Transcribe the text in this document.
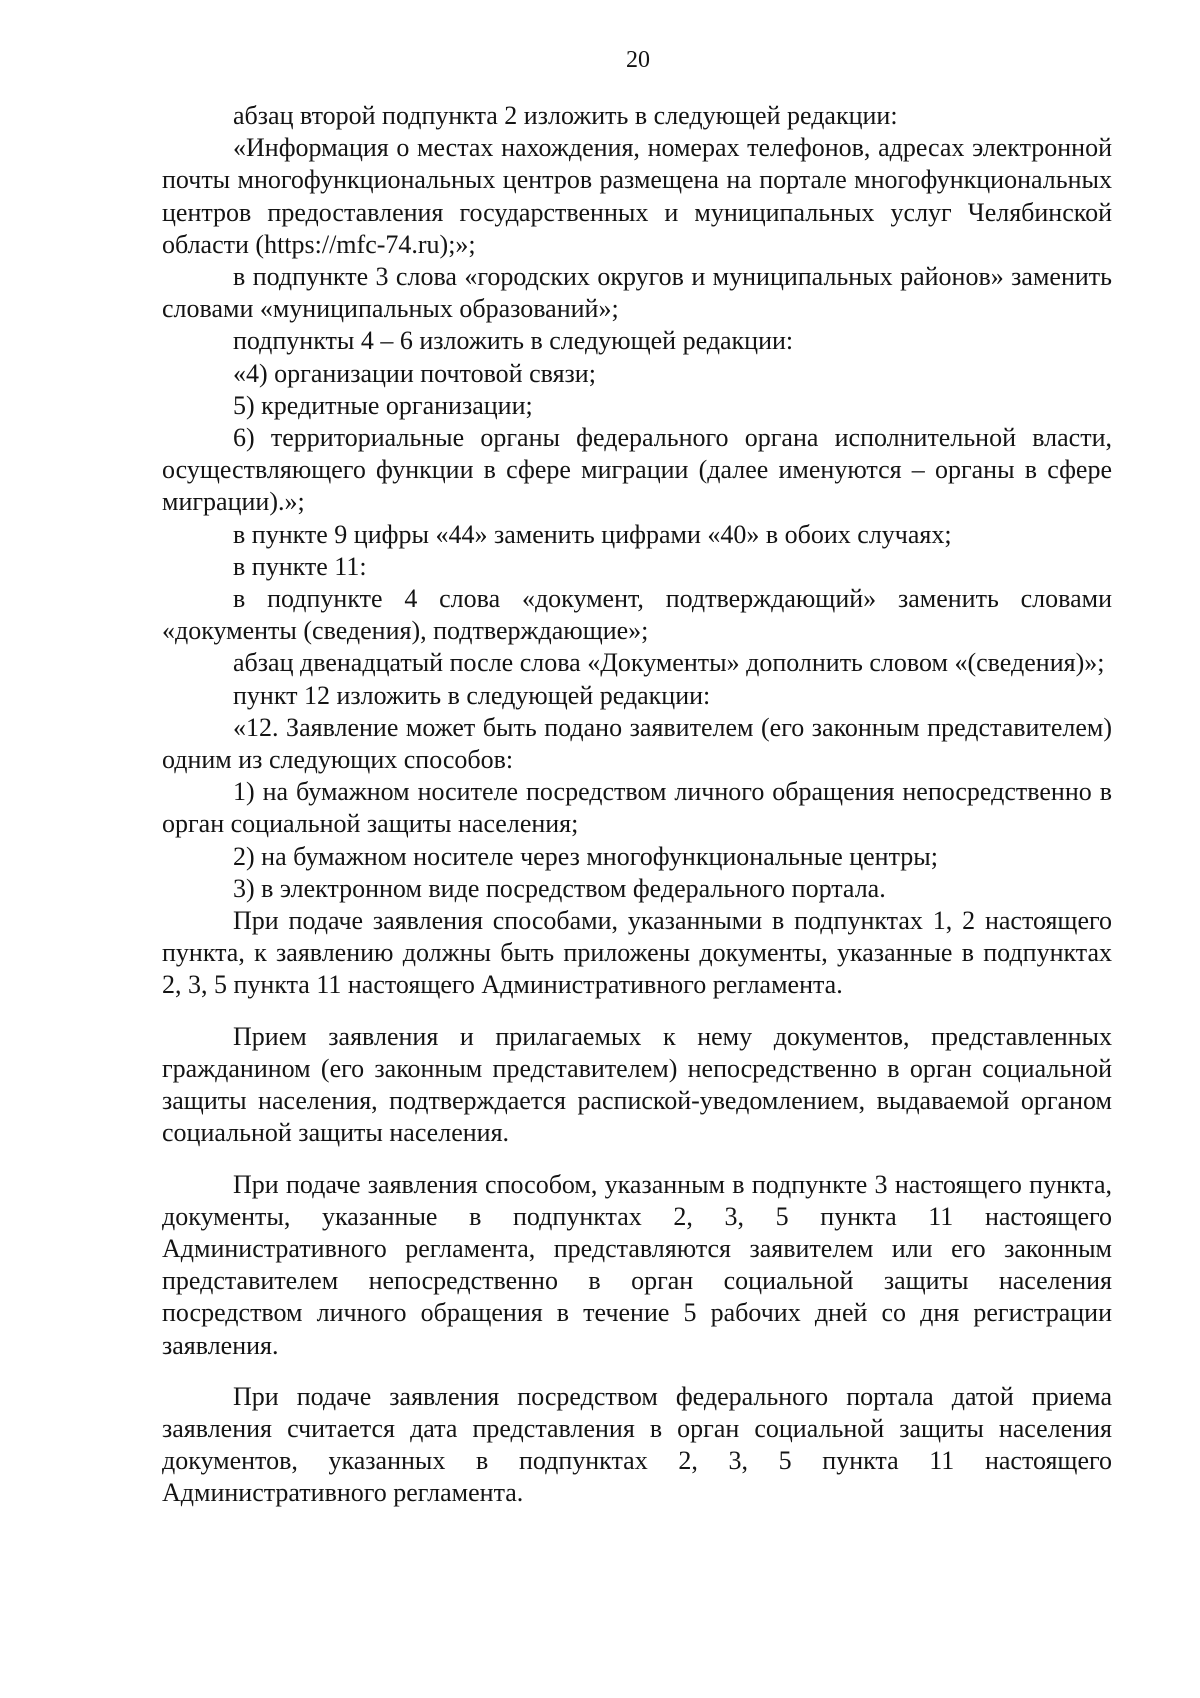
20

абзац второй подпункта 2 изложить в следующей редакции:

«Информация о местах нахождения, номерах телефонов, адресах электронной почты многофункциональных центров размещена на портале многофункциональных центров предоставления государственных и муниципальных услуг Челябинской области (https://mfc-74.ru);»;

в подпункте 3 слова «городских округов и муниципальных районов» заменить словами «муниципальных образований»;

подпункты 4 – 6 изложить в следующей редакции:

«4) организации почтовой связи;

5) кредитные организации;

6) территориальные органы федерального органа исполнительной власти, осуществляющего функции в сфере миграции (далее именуются – органы в сфере миграции).»;

в пункте 9 цифры «44» заменить цифрами «40» в обоих случаях;

в пункте 11:

в подпункте 4 слова «документ, подтверждающий» заменить словами «документы (сведения), подтверждающие»;

абзац двенадцатый после слова «Документы» дополнить словом «(сведения)»;

пункт 12 изложить в следующей редакции:

«12. Заявление может быть подано заявителем (его законным представителем) одним из следующих способов:

1) на бумажном носителе посредством личного обращения непосредственно в орган социальной защиты населения;

2) на бумажном носителе через многофункциональные центры;

3) в электронном виде посредством федерального портала.

При подаче заявления способами, указанными в подпунктах 1, 2 настоящего пункта, к заявлению должны быть приложены документы, указанные в подпунктах 2, 3, 5 пункта 11 настоящего Административного регламента.

Прием заявления и прилагаемых к нему документов, представленных гражданином (его законным представителем) непосредственно в орган социальной защиты населения, подтверждается распиской-уведомлением, выдаваемой органом социальной защиты населения.

При подаче заявления способом, указанным в подпункте 3 настоящего пункта, документы, указанные в подпунктах 2, 3, 5 пункта 11 настоящего Административного регламента, представляются заявителем или его законным представителем непосредственно в орган социальной защиты населения посредством личного обращения в течение 5 рабочих дней со дня регистрации заявления.

При подаче заявления посредством федерального портала датой приема заявления считается дата представления в орган социальной защиты населения документов, указанных в подпунктах 2, 3, 5 пункта 11 настоящего Административного регламента.
